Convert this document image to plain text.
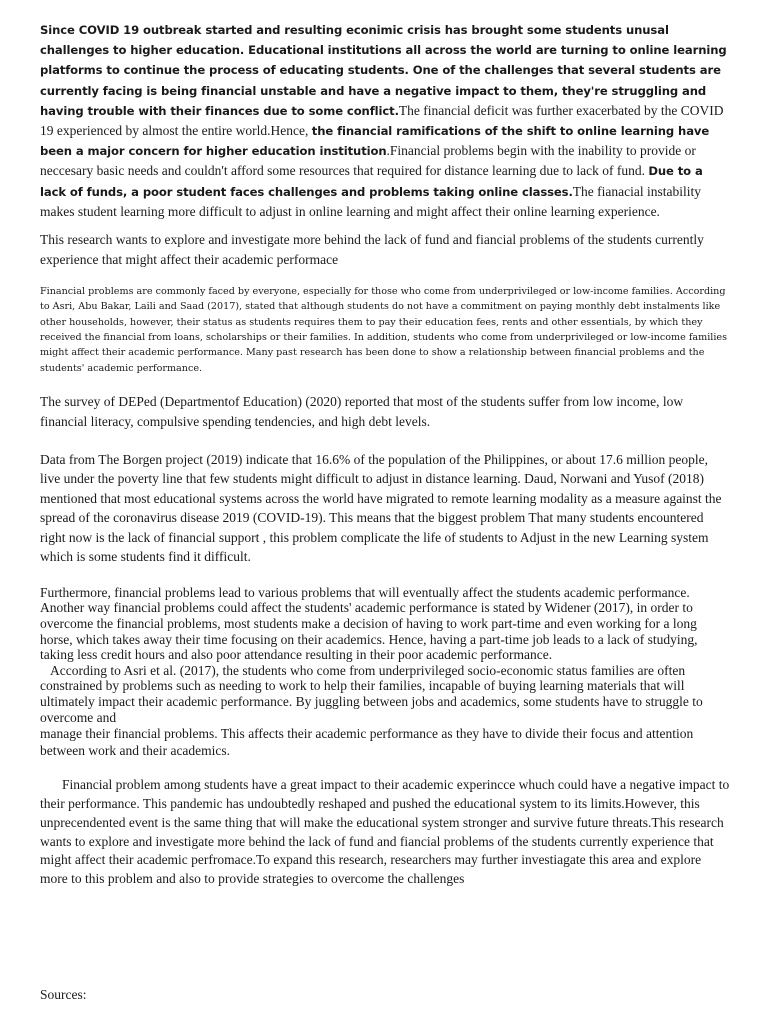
Since COVID 19 outbreak started and resulting econimic crisis has brought some students unusal challenges to higher education. Educational institutions all across the world are turning to online learning platforms to continue the process of educating students. One of the challenges that several students are currently facing is being financial unstable and have a negative impact to them, they're struggling and having trouble with their finances due to some conflict.The financial deficit was further exacerbated by the COVID 19 experienced by almost the entire world.Hence, the financial ramifications of the shift to online learning have been a major concern for higher education institution.Financial problems begin with the inability to provide or neccesary basic needs and couldn't afford some resources that required for distance learning due to lack of fund. Due to a lack of funds, a poor student faces challenges and problems taking online classes.The fianacial instability makes student learning more difficult to adjust in online learning and might affect their online learning experience.

This research wants to explore and investigate more behind the lack of fund and fiancial problems of the students currently experience that might affect their academic performace

Financial problems are commonly faced by everyone, especially for those who come from underprivileged or low-income families. According to Asri, Abu Bakar, Laili and Saad (2017), stated that although students do not have a commitment on paying monthly debt instalments like other households, however, their status as students requires them to pay their education fees, rents and other essentials, by which they received the financial from loans, scholarships or their families. In addition, students who come from underprivileged or low-income families might affect their academic performance. Many past research has been done to show a relationship between financial problems and the students' academic performance.

The survey of DEPed (Departmentof Education) (2020) reported that most of the students suffer from low income, low financial literacy, compulsive spending tendencies, and high debt levels.

Data from The Borgen project (2019) indicate that 16.6% of the population of the Philippines, or about 17.6 million people, live under the poverty line that few students might difficult to adjust in distance learning. Daud, Norwani and Yusof (2018) mentioned that most educational systems across the world have migrated to remote learning modality as a measure against the spread of the coronavirus disease 2019 (COVID-19). This means that the biggest problem That many students encountered right now is the lack of financial support , this problem complicate the life of students to Adjust in the new Learning system which is some students find it difficult.

Furthermore, financial problems lead to various problems that will eventually affect the students academic performance. Another way financial problems could affect the students' academic performance is stated by Widener (2017), in order to overcome the financial problems, most students make a decision of having to work part-time and even working for a long horse, which takes away their time focusing on their academics. Hence, having a part-time job leads to a lack of studying, taking less credit hours and also poor attendance resulting in their poor academic performance.

According to Asri et al. (2017), the students who come from underprivileged socio-economic status families are often constrained by problems such as needing to work to help their families, incapable of buying learning materials that will ultimately impact their academic performance. By juggling between jobs and academics, some students have to struggle to overcome and

manage their financial problems. This affects their academic performance as they have to divide their focus and attention between work and their academics.

Financial problem among students have a great impact to their academic experincce whuch could have a negative impact to their performance. This pandemic has undoubtedly reshaped and pushed the educational system to its limits.However, this unprecendented event is the same thing that will make the educational system stronger and survive future threats.This research wants to explore and investigate more behind the lack of fund and fiancial problems of the students currently experience that might affect their academic perfromace.To expand this research, researchers may further investiagate this area and explore more to this problem and also to provide strategies to overcome the challenges

Sources:
